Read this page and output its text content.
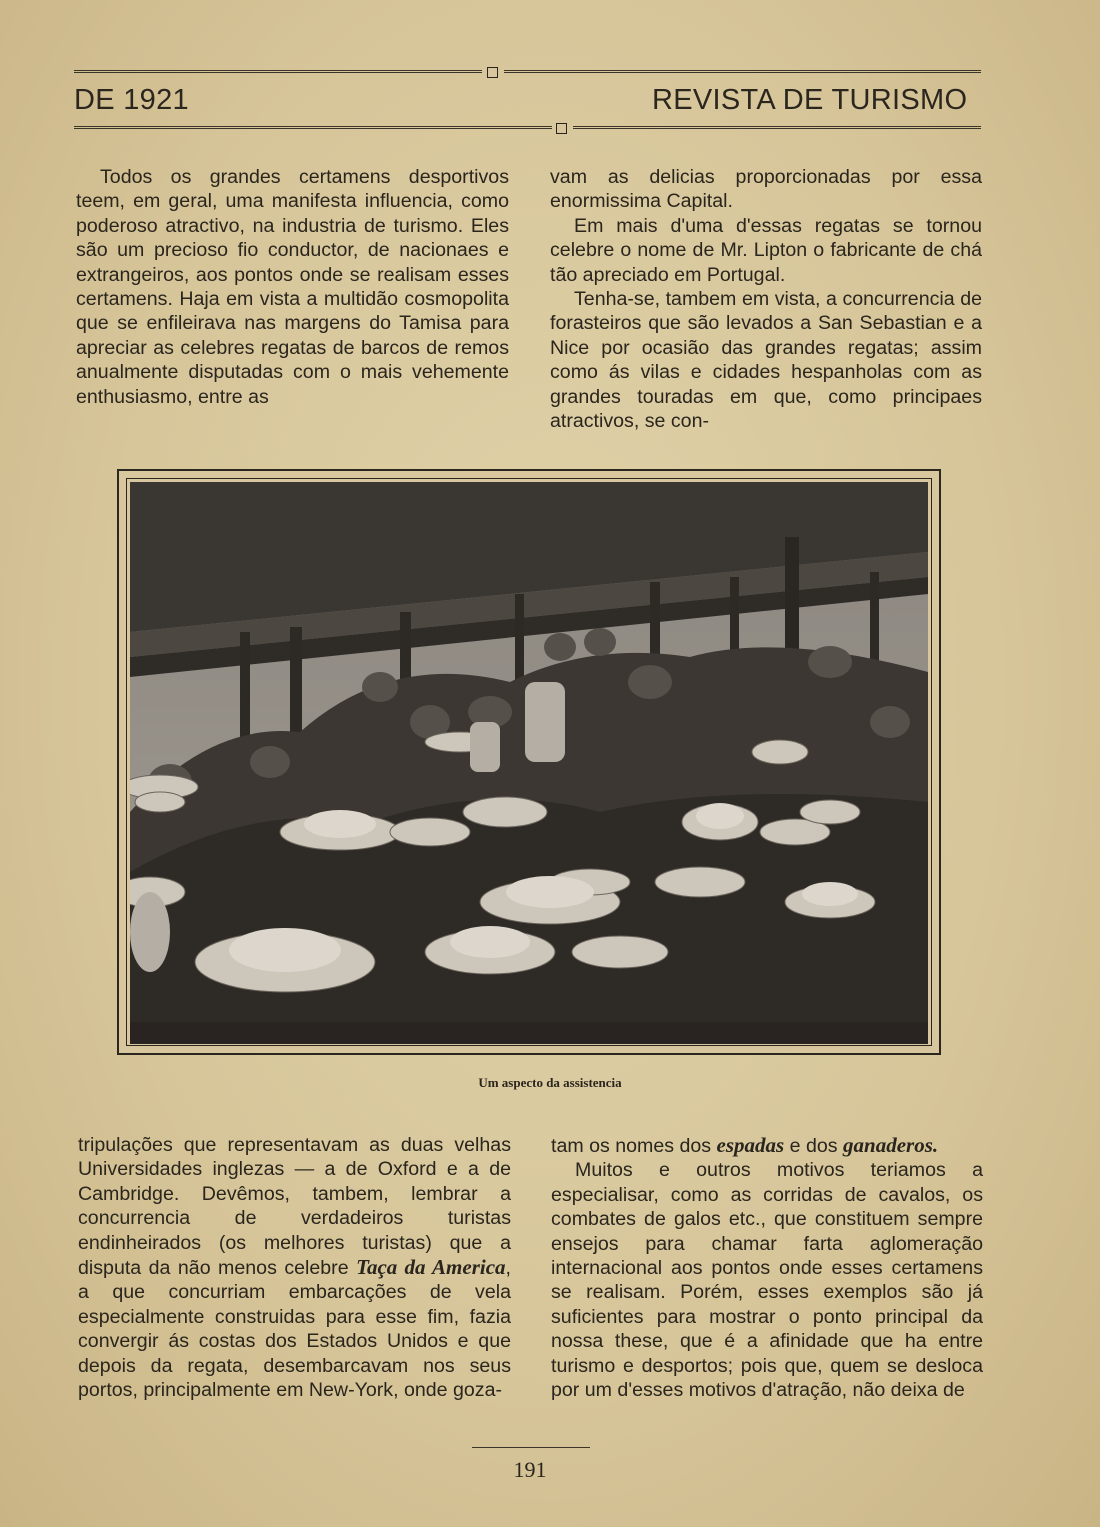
DE 1921	REVISTA DE TURISMO

Todos os grandes certamens desportivos teem, em geral, uma manifesta influencia, como poderoso atractivo, na industria de turismo. Eles são um precioso fio conductor, de nacionaes e extrangeiros, aos pontos onde se realisam esses certamens. Haja em vista a multidão cosmopolita que se enfileirava nas margens do Tamisa para apreciar as celebres regatas de barcos de remos anualmente disputadas com o mais vehemente enthusiasmo, entre as

vam as delicias proporcionadas por essa enormissima Capital.

Em mais d'uma d'essas regatas se tornou celebre o nome de Mr. Lipton o fabricante de chá tão apreciado em Portugal.

Tenha-se, tambem em vista, a concurrencia de forasteiros que são levados a San Sebastian e a Nice por ocasião das grandes regatas; assim como ás vilas e cidades hespanholas com as grandes touradas em que, como principaes atractivos, se con-

Um aspecto da assistencia

tripulações que representavam as duas velhas Universidades inglezas — a de Oxford e a de Cambridge. Devêmos, tambem, lembrar a concurrencia de verdadeiros turistas endinheirados (os melhores turistas) que a disputa da não menos celebre Taça da America, a que concurriam embarcações de vela especialmente construidas para esse fim, fazia convergir ás costas dos Estados Unidos e que depois da regata, desembarcavam nos seus portos, principalmente em New-York, onde goza-

tam os nomes dos espadas e dos ganaderos.

Muitos e outros motivos teriamos a especialisar, como as corridas de cavalos, os combates de galos etc., que constituem sempre ensejos para chamar farta aglomeração internacional aos pontos onde esses certamens se realisam. Porém, esses exemplos são já suficientes para mostrar o ponto principal da nossa these, que é a afinidade que ha entre turismo e desportos; pois que, quem se desloca por um d'esses motivos d'atração, não deixa de

191
